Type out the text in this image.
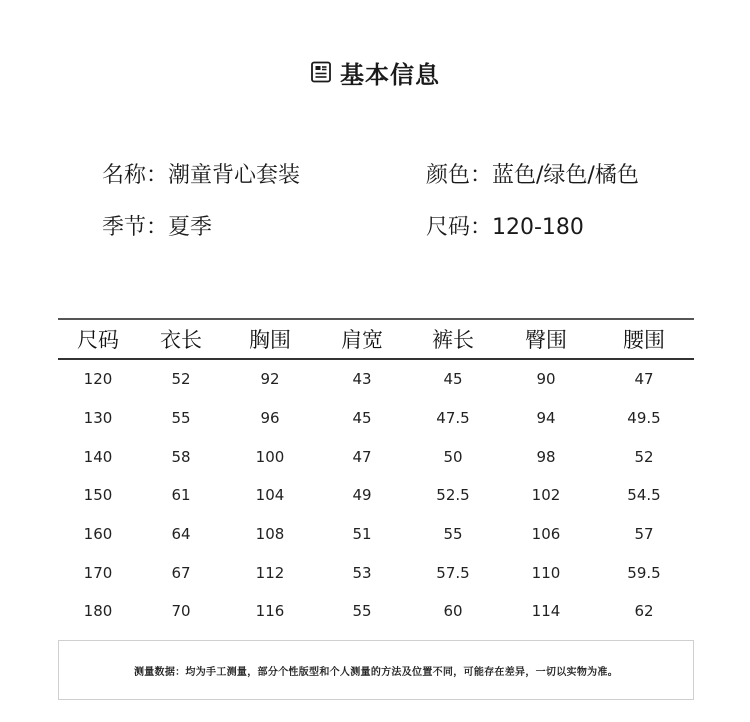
基本信息
名称：潮童背心套装	颜色：蓝色/绿色/橘色
季节：夏季	尺码：120-180
尺码	衣长	胸围	肩宽	裤长	臀围	腰围
120	52	92	43	45	90	47
130	55	96	45	47.5	94	49.5
140	58	100	47	50	98	52
150	61	104	49	52.5	102	54.5
160	64	108	51	55	106	57
170	67	112	53	57.5	110	59.5
180	70	116	55	60	114	62
测量数据：均为手工测量，部分个性版型和个人测量的方法及位置不同，可能存在差异，一切以实物为准。
